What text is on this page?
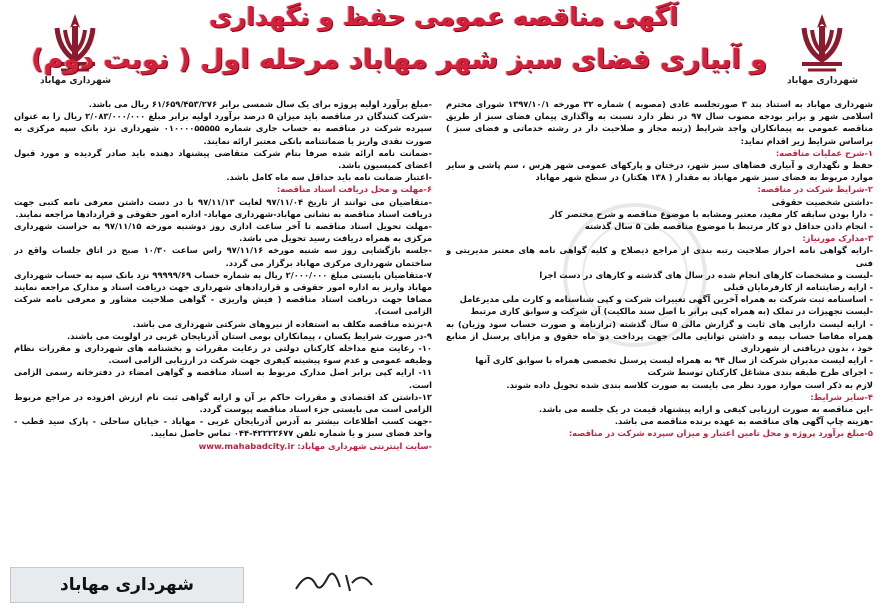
شهرداری مهاباد
آگهی مناقصه عمومی حفظ و نگهداری
و آبیاری فضای سبز شهر مهاباد مرحله اول ( نوبت دوم)
شهرداری مهاباد

شهرداری مهاباد به استناد بند ۳ صورتجلسه عادی (مصوبه ) شماره ۳۲ مورخه ۱۳۹۷/۱۰/۱ شورای محترم اسلامی شهر و برابر بودجه مصوب سال ۹۷ در نظر دارد نسبت به واگذاری پیمان فضای سبز از طریق مناقصه عمومی به پیمانکاران واجد شرایط (رتبه مجاز و صلاحیت دار در رشته خدماتی و فضای سبز ) براساس شرایط زیر اقدام نماید:

۱-شرح عملیات مناقصه:

حفظ و نگهداری و آبیاری فضاهای سبز شهر، درختان و پارکهای عمومی شهر هرس ، سم پاشی و سایر موارد مربوط به فضای سبز شهر مهاباد به مقدار ( ۱۳۸ هکتار) در سطح شهر مهاباد

۲-شرایط شرکت در مناقصه:

-داشتن شخصیت حقوقی

- دارا بودن سابقه کار مفید، معتبر ومشابه با موضوع مناقصه و شرح مختصر کار

- انجام دادن حداقل دو کار مرتبط با موضوع مناقصه طی ۵ سال گذشته

۳-مدارک مورنیاز:

-ارایه گواهی نامه احراز صلاحیت رتبه بندی از مراجع ذیصلاح و کلیه گواهی نامه های معتبر مدیریتی و فنی

-لیست و مشخصات کارهای انجام شده در سال های گذشته و کارهای در دست اجرا

- ارایه رضایتنامه از کارفرمایان قبلی

- اساسنامه ثبت شرکت به همراه آخرین آگهی تغییرات شرکت و کپی شناسنامه و کارت ملی مدیرعامل

-لیست تجهیزات در تملک (به همراه کپی برابر با اصل سند مالکیت) آن شرکت و سوابق کاری مرتبط

- ارایه لیست دارایی های ثابت و گزارش مالی ۵ سال گذشته (ترازنامه و صورت حساب سود وزیان) به همراه مفاصا حساب بیمه و داشتن توانایی مالی جهت پرداخت دو ماه حقوق و مزایای پرسنل از منابع خود ، بدون دریافتی از شهرداری

- ارایه لیست مدیران شرکت از سال ۹۴ به همراه لیست پرسنل تخصصی همراه با سوابق کاری آنها

- اجرای طرح طبقه بندی مشاغل کارکنان توسط شرکت

لازم به ذکر است موارد مورد نظر می بایست به صورت کلاسه بندی شده تحویل داده شوند.

۴-سایر شرایط:

-این مناقصه به صورت ارزیابی کیفی و ارایه پیشنهاد قیمت در یک جلسه می باشد.

-هزینه چاپ آگهی های مناقصه به عهده برنده مناقصه می باشد.

۵-مبلغ برآورد پروژه و محل تامین اعتبار و میزان سپرده شرکت در مناقصه:

-مبلغ برآورد اولیه پروژه برای یک سال شمسی برابر ۶۱/۶۵۹/۴۵۳/۲۷۶ ریال می باشد.

-شرکت کنندگان در مناقصه باید میزان ۵ درصد برآورد اولیه برابر مبلغ ۲/۰۸۳/۰۰۰/۰۰۰ ریال را به عنوان سپرده شرکت در مناقصه به حساب جاری شماره ۰۱۰۰۰۰۵۵۵۵۵ شهرداری نزد بانک سپه مرکزی به صورت نقدی واریز یا ضمانتنامه بانکی معتبر ارائه نمایند.

-ضمانت نامه ارائه شده صرفا بنام شرکت متقاضی پیشنهاد دهنده باید صادر گردیده و مورد قبول اعضای کمیسیون باشد.

-اعتبار ضمانت نامه باید حداقل سه ماه کامل باشد.

۶-مهلت و محل دریافت اسناد مناقصه:

-متقاضیان می توانند از تاریخ ۹۷/۱۱/۰۴ لغایت ۹۷/۱۱/۱۳ با در دست داشتن معرفی نامه کتبی جهت دریافت اسناد مناقصه به نشانی مهاباد-شهرداری مهاباد- اداره امور حقوقی و قراردادها مراجعه نمایند.

-مهلت تحویل اسناد مناقصه تا آخر ساعت اداری روز دوشنبه مورخه ۹۷/۱۱/۱۵ به حراست شهرداری مرکزی به همراه دریافت رسید تحویل می باشد.

-جلسه بازگشایی روز سه شنبه مورخه ۹۷/۱۱/۱۶ راس ساعت ۱۰/۳۰ صبح در اتاق جلسات واقع در ساختمان شهرداری مرکزی مهاباد برگزار می گردد.

۷-متقاضیان بایستی مبلغ ۲/۰۰۰/۰۰۰ ریال به شماره حساب ۹۹۹۹۹/۶۹ نزد بانک سپه به حساب شهرداری مهاباد واریز به اداره امور حقوقی و قراردادهای شهرداری جهت دریافت اسناد و مدارک مراجعه نمایند مضافا جهت دریافت اسناد مناقصه ( فیش واریزی - گواهی صلاحیت مشاور و معرفی نامه شرکت الزامی است).

۸-برنده مناقصه مکلف به استفاده از نیروهای شرکتی شهرداری می باشد.

۹-در صورت شرایط یکسان ، پیمانکاران بومی استان آذربایجان غربی در اولویت می باشند.

۱۰- رعایت منع مداخله کارکنان دولتی در رعایت مقررات و بخشنامه های شهرداری و مقررات نظام وظیفه عمومی و عدم سوء پیشینه کیفری جهت شرکت در ارزیابی الزامی است.

۱۱- ارایه کپی برابر اصل مدارک مربوط به اسناد مناقصه و گواهی امضاء در دفترخانه رسمی الزامی است.

۱۲-داشتن کد اقتصادی و مقررات حاکم بر آن و ارایه گواهی ثبت نام ارزش افزوده در مراجع مربوط الزامی است می بایستی جزء اسناد مناقصه پیوست گردد.

-جهت کسب اطلاعات بیشتر به آدرس آذربایجان غربی - مهاباد - خیابان ساحلی - پارک سید قطب - واحد فضای سبز و یا شماره تلفن ۴۲۲۲۲۶۷۷-۰۴۴ تماس حاصل نمایید.

-سایت اینترنتی شهرداری مهاباد: www.mahabadcity.ir

شهرداری مهاباد
